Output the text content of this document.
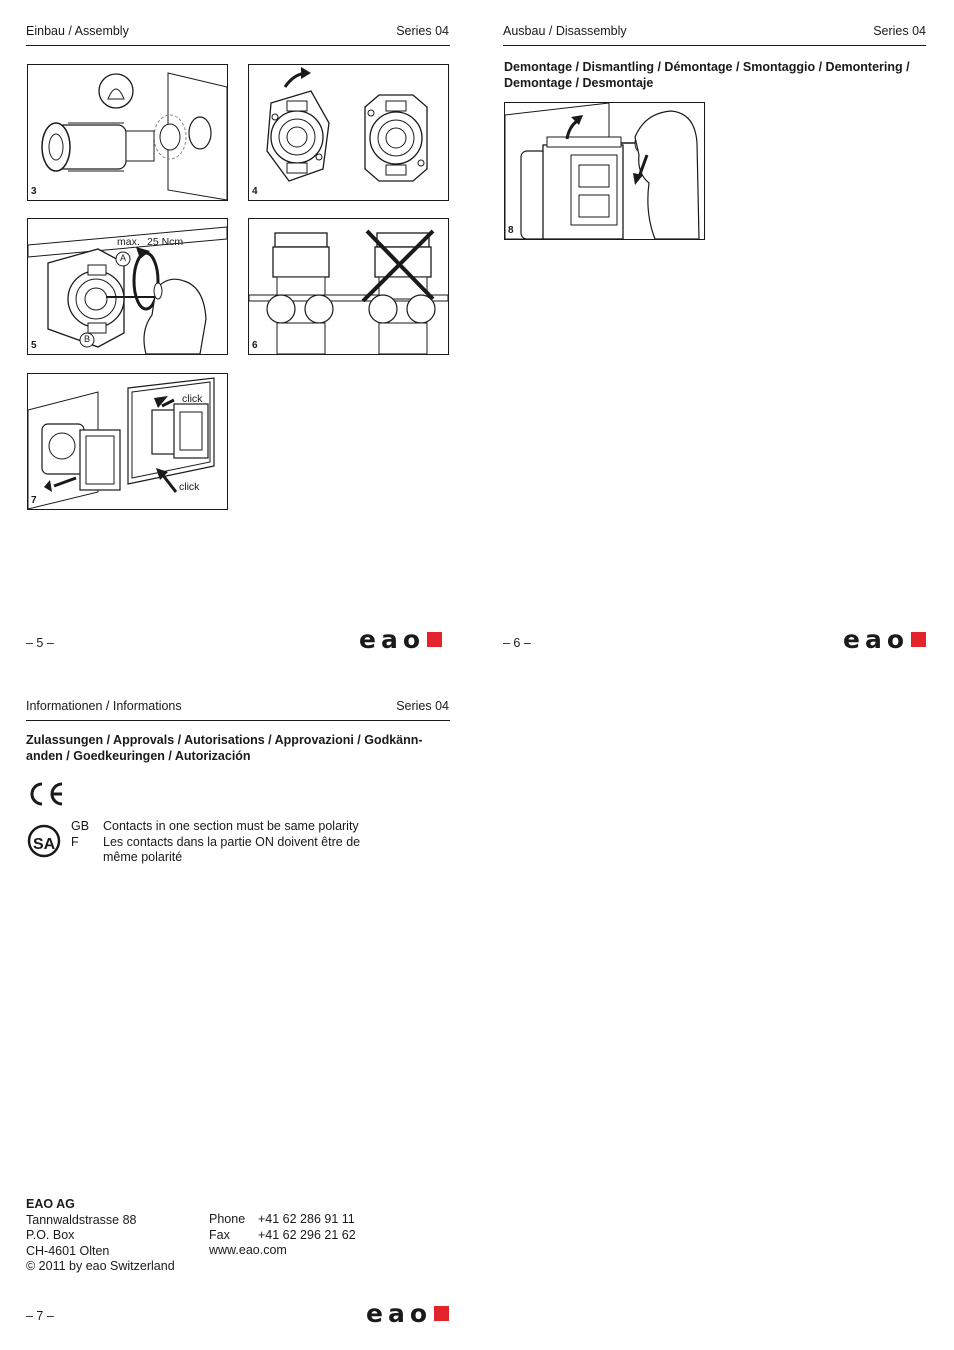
Einbau / Assembly	Series 04
3	4
max. 25 Ncm
A
B
5	6
click
click
7
– 5 –	eao
Ausbau / Disassembly	Series 04
Demontage / Dismantling / Démontage / Smontaggio / Demontering /
Demontage / Desmontaje
8
– 6 –	eao
Informationen / Informations	Series 04
Zulassungen / Approvals / Autorisations / Approvazioni / Godkänn-
anden / Goedkeuringen / Autorización
SA
GB	Contacts in one section must be same polarity
F	Les contacts dans la partie ON doivent être de
même polarité
EAO AG
Tannwaldstrasse 88
P.O. Box
CH-4601 Olten
© 2011 by eao Switzerland
Phone	+41 62 286 91 11
Fax	+41 62 296 21 62
www.eao.com
– 7 –	eao
